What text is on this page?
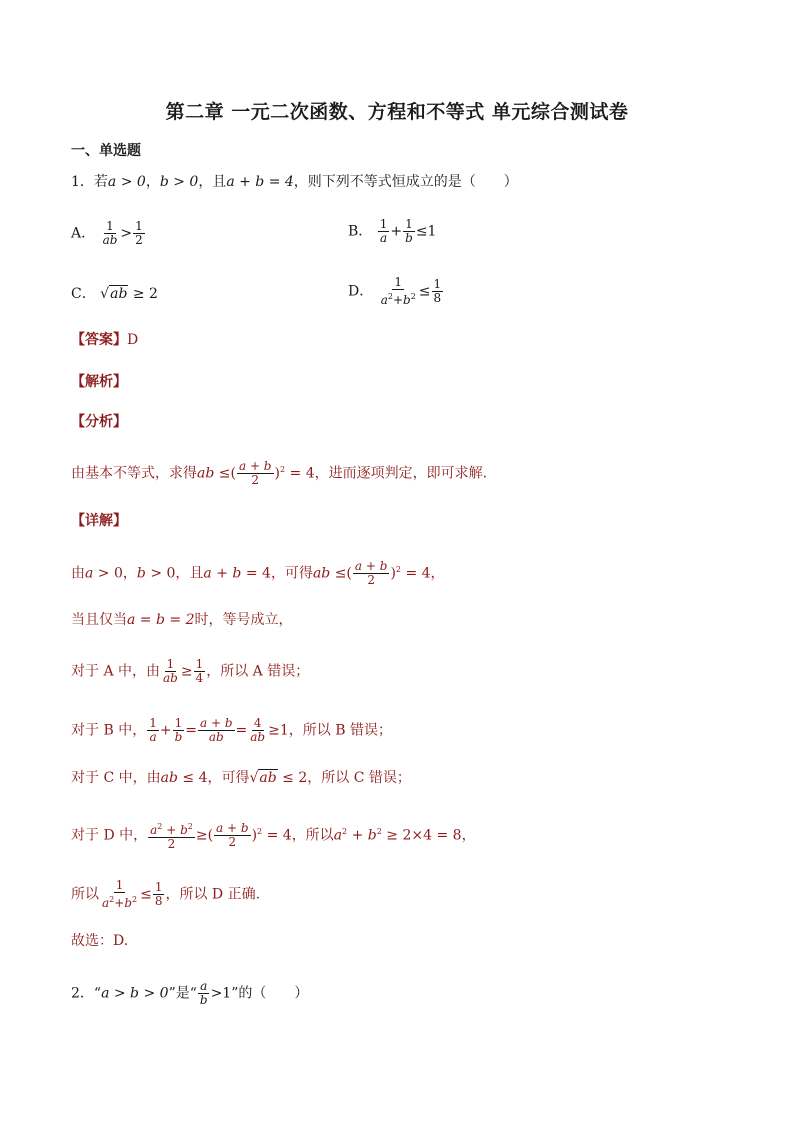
第二章 一元二次函数、方程和不等式 单元综合测试卷
一、单选题
1．若a > 0，b > 0，且a + b = 4，则下列不等式恒成立的是（　　）
A． $\frac{1}{ab} > \frac{1}{2}$	B． $\frac{1}{a} + \frac{1}{b} \le 1$
C． √ab ≥ 2	D． $\frac{1}{a^2+b^2} \le \frac{1}{8}$
【答案】D
【解析】
【分析】
由基本不等式，求得ab ≤( $\frac{a + b}{2} )^2 = 4$，进而逐项判定，即可求解.
【详解】
由a > 0，b > 0，且a + b = 4，可得ab ≤( $\frac{a + b}{2} )^2 = 4$，
当且仅当a = b = 2时，等号成立，
对于 A 中，由 $\frac{1}{ab} \ge \frac{1}{4}$ ，所以 A 错误；
对于 B 中， $\frac{1}{a} + \frac{1}{b} = \frac{a + b}{ab} = \frac{4}{ab} \ge 1$，所以 B 错误；
对于 C 中，由ab ≤ 4，可得√ab ≤ 2，所以 C 错误；
对于 D 中， $\frac{a^2 + b^2}{2}$ ≥( $\frac{a + b}{2} )^2 = 4$，所以$a^2 + b^2 \ge 2\times 4 = 8$，
所以 $\frac{1}{a^2+b^2} \le \frac{1}{8}$ ，所以 D 正确.
故选：D.
2．“a > b > 0”是“ $\frac{a}{b} >1$”的（　　）
